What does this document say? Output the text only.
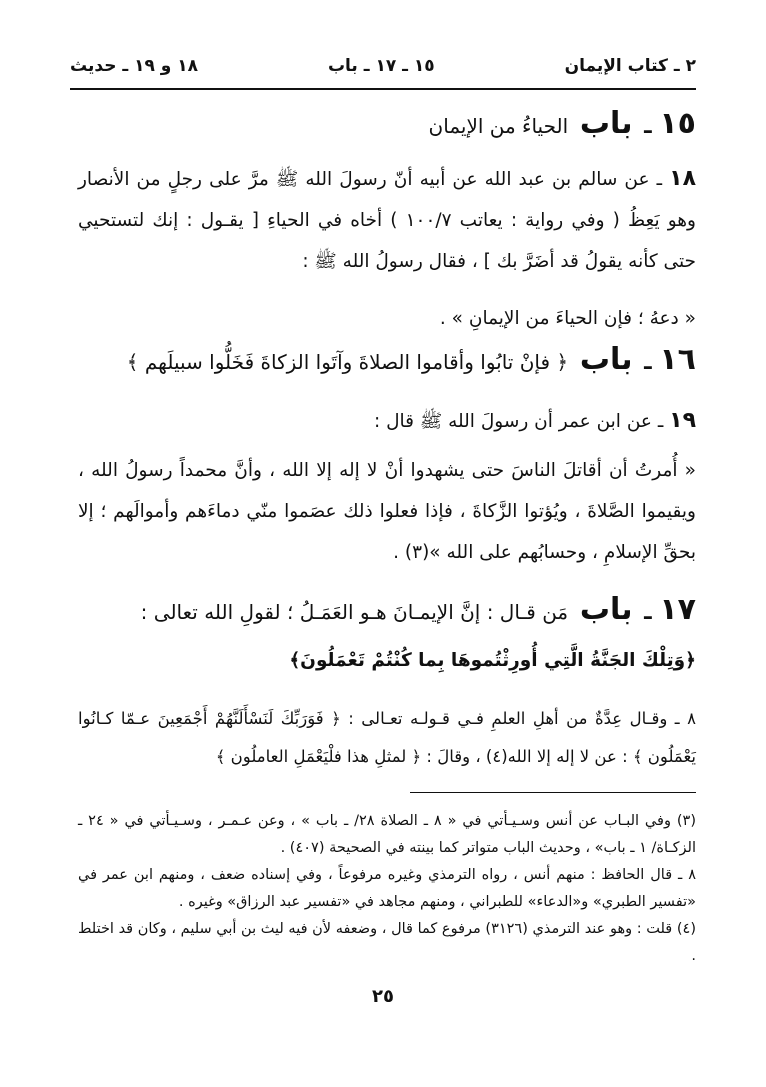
٢ ـ كتاب الإيمان
١٥ ـ ١٧ ـ باب
١٨ و ١٩ ـ حديث
١٥ ـ باب الحياءُ من الإيمان
١٨ ـ عن سالم بن عبد الله عن أبيه أنّ رسولَ الله ﷺ مرَّ على رجلٍ من الأنصار وهو يَعِظُ ( وفي رواية : يعاتب ١٠٠/٧ ) أخاه في الحياءِ [ يقـول : إنك لتستحيي حتى كأنه يقولُ قد أضَرَّ بك ] ، فقال رسولُ الله ﷺ :
« دعهُ ؛ فإن الحياءَ من الإيمانِ » .
١٦ ـ باب ﴿ فإنْ تابُوا وأقاموا الصلاةَ وآتَوا الزكاةَ فَخَلُّوا سبيلَهم ﴾
١٩ ـ عن ابن عمر أن رسولَ الله ﷺ قال :
« أُمرتُ أن أقاتلَ الناسَ حتى يشهدوا أنْ لا إله إلا الله ، وأنَّ محمداً رسولُ الله ، ويقيموا الصَّلاةَ ، ويُؤتوا الزَّكاةَ ، فإذا فعلوا ذلك عصَموا منّي دماءَهم وأموالَهم ؛ إلا بحقِّ الإسلامِ ، وحسابُهم على الله »(٣) .
١٧ ـ باب مَن قـال : إنَّ الإيمـانَ هـو العَمَـلُ ؛ لقولِ الله تعالى :
﴿وَتِلْكَ الجَنَّةُ الَّتِي أُورِثْتُموهَا بِما كُنْتُمْ تَعْمَلُونَ﴾
٨ ـ وقـال عِدَّةٌ من أهلِ العلمِ فـي قـولـه تعـالى : ﴿ فَوَرَبِّكَ لَنَسْأَلَنَّهُمْ أَجْمَعِينَ عـمّا كـانُوا يَعْمَلُون ﴾ : عن لا إله إلا الله(٤) ، وقالَ : ﴿ لمثلِ هذا فلْيَعْمَلِ العاملُون ﴾
(٣) وفي البـاب عن أنس وسـيـأتي في « ٨ ـ الصلاة ٢٨/ ـ باب » ، وعن عـمـر ، وسـيـأتي في « ٢٤ ـ الزكـاة/ ١ ـ باب» ، وحديث الباب متواتر كما بينته في الصحيحة (٤٠٧) .
٨ ـ قال الحافظ : منهم أنس ، رواه الترمذي وغيره مرفوعاً ، وفي إسناده ضعف ، ومنهم ابن عمر في «تفسير الطبري» و«الدعاء» للطبراني ، ومنهم مجاهد في «تفسير عبد الرزاق» وغيره .
(٤) قلت : وهو عند الترمذي (٣١٢٦) مرفوع كما قال ، وضعفه لأن فيه ليث بن أبي سليم ، وكان قد اختلط .
٢٥
